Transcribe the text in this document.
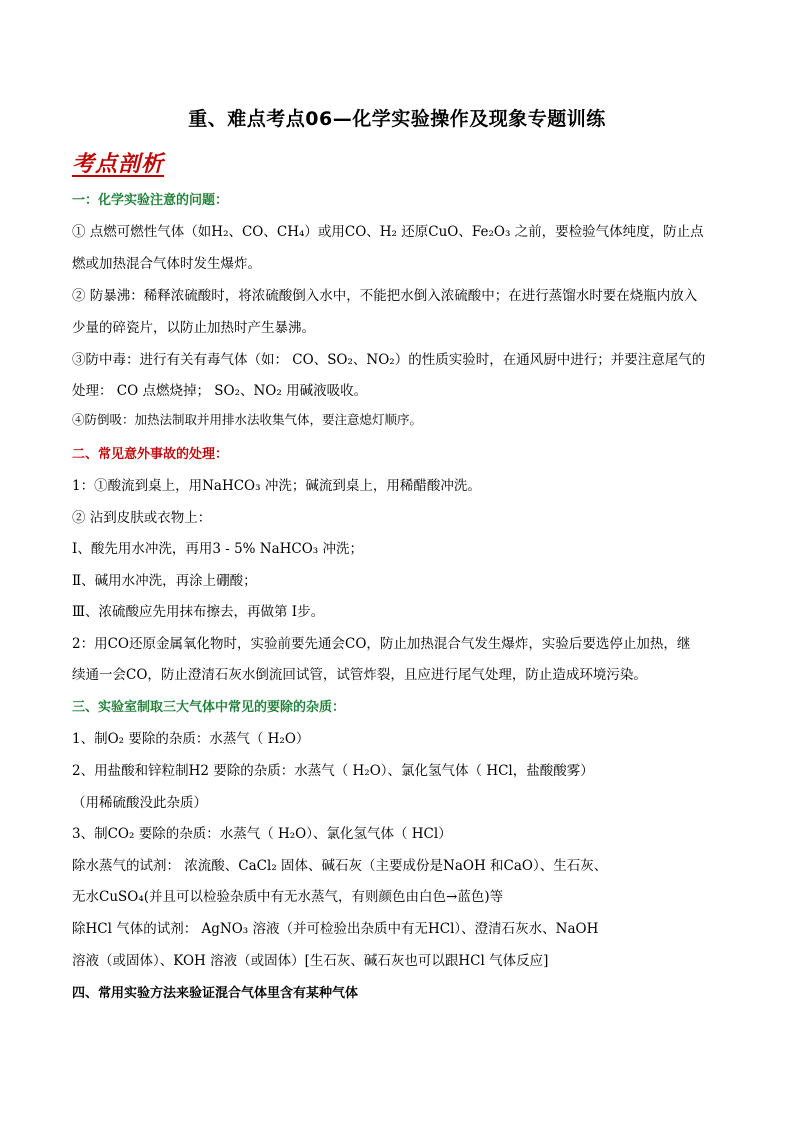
重、难点考点06—化学实验操作及现象专题训练
考点剖析
一：化学实验注意的问题：
① 点燃可燃性气体（如H₂、CO、CH₄）或用CO、H₂ 还原CuO、Fe₂O₃ 之前，要检验气体纯度，防止点
燃或加热混合气体时发生爆炸。
② 防暴沸：稀释浓硫酸时，将浓硫酸倒入水中，不能把水倒入浓硫酸中；在进行蒸馏水时要在烧瓶内放入
少量的碎瓷片，以防止加热时产生暴沸。
③防中毒：进行有关有毒气体（如： CO、SO₂、NO₂）的性质实验时，在通风厨中进行；并要注意尾气的
处理： CO 点燃烧掉； SO₂、NO₂ 用碱液吸收。
④防倒吸：加热法制取并用排水法收集气体，要注意熄灯顺序。
二、常见意外事故的处理：
1：①酸流到桌上，用NaHCO₃ 冲洗；碱流到桌上，用稀醋酸冲洗。
② 沾到皮肤或衣物上：
Ⅰ、酸先用水冲洗，再用3 - 5% NaHCO₃ 冲洗；
Ⅱ、碱用水冲洗，再涂上硼酸；
Ⅲ、浓硫酸应先用抹布擦去，再做第 I步。
2：用CO还原金属氧化物时，实验前要先通会CO，防止加热混合气发生爆炸，实验后要选停止加热，继
续通一会CO，防止澄清石灰水倒流回试管，试管炸裂，且应进行尾气处理，防止造成环境污染。
三、实验室制取三大气体中常见的要除的杂质：
1、制O₂ 要除的杂质：水蒸气（ H₂O）
2、用盐酸和锌粒制H2 要除的杂质：水蒸气（ H₂O）、氯化氢气体（ HCl，盐酸酸雾）
（用稀硫酸没此杂质）
3、制CO₂ 要除的杂质：水蒸气（ H₂O）、氯化氢气体（ HCl）
除水蒸气的试剂： 浓流酸、CaCl₂ 固体、碱石灰（主要成份是NaOH 和CaO）、生石灰、
无水CuSO₄(并且可以检验杂质中有无水蒸气，有则颜色由白色→蓝色)等
除HCl 气体的试剂： AgNO₃ 溶液（并可检验出杂质中有无HCl）、澄清石灰水、NaOH
溶液（或固体）、KOH 溶液（或固体）[生石灰、碱石灰也可以跟HCl 气体反应]
四、常用实验方法来验证混合气体里含有某种气体
